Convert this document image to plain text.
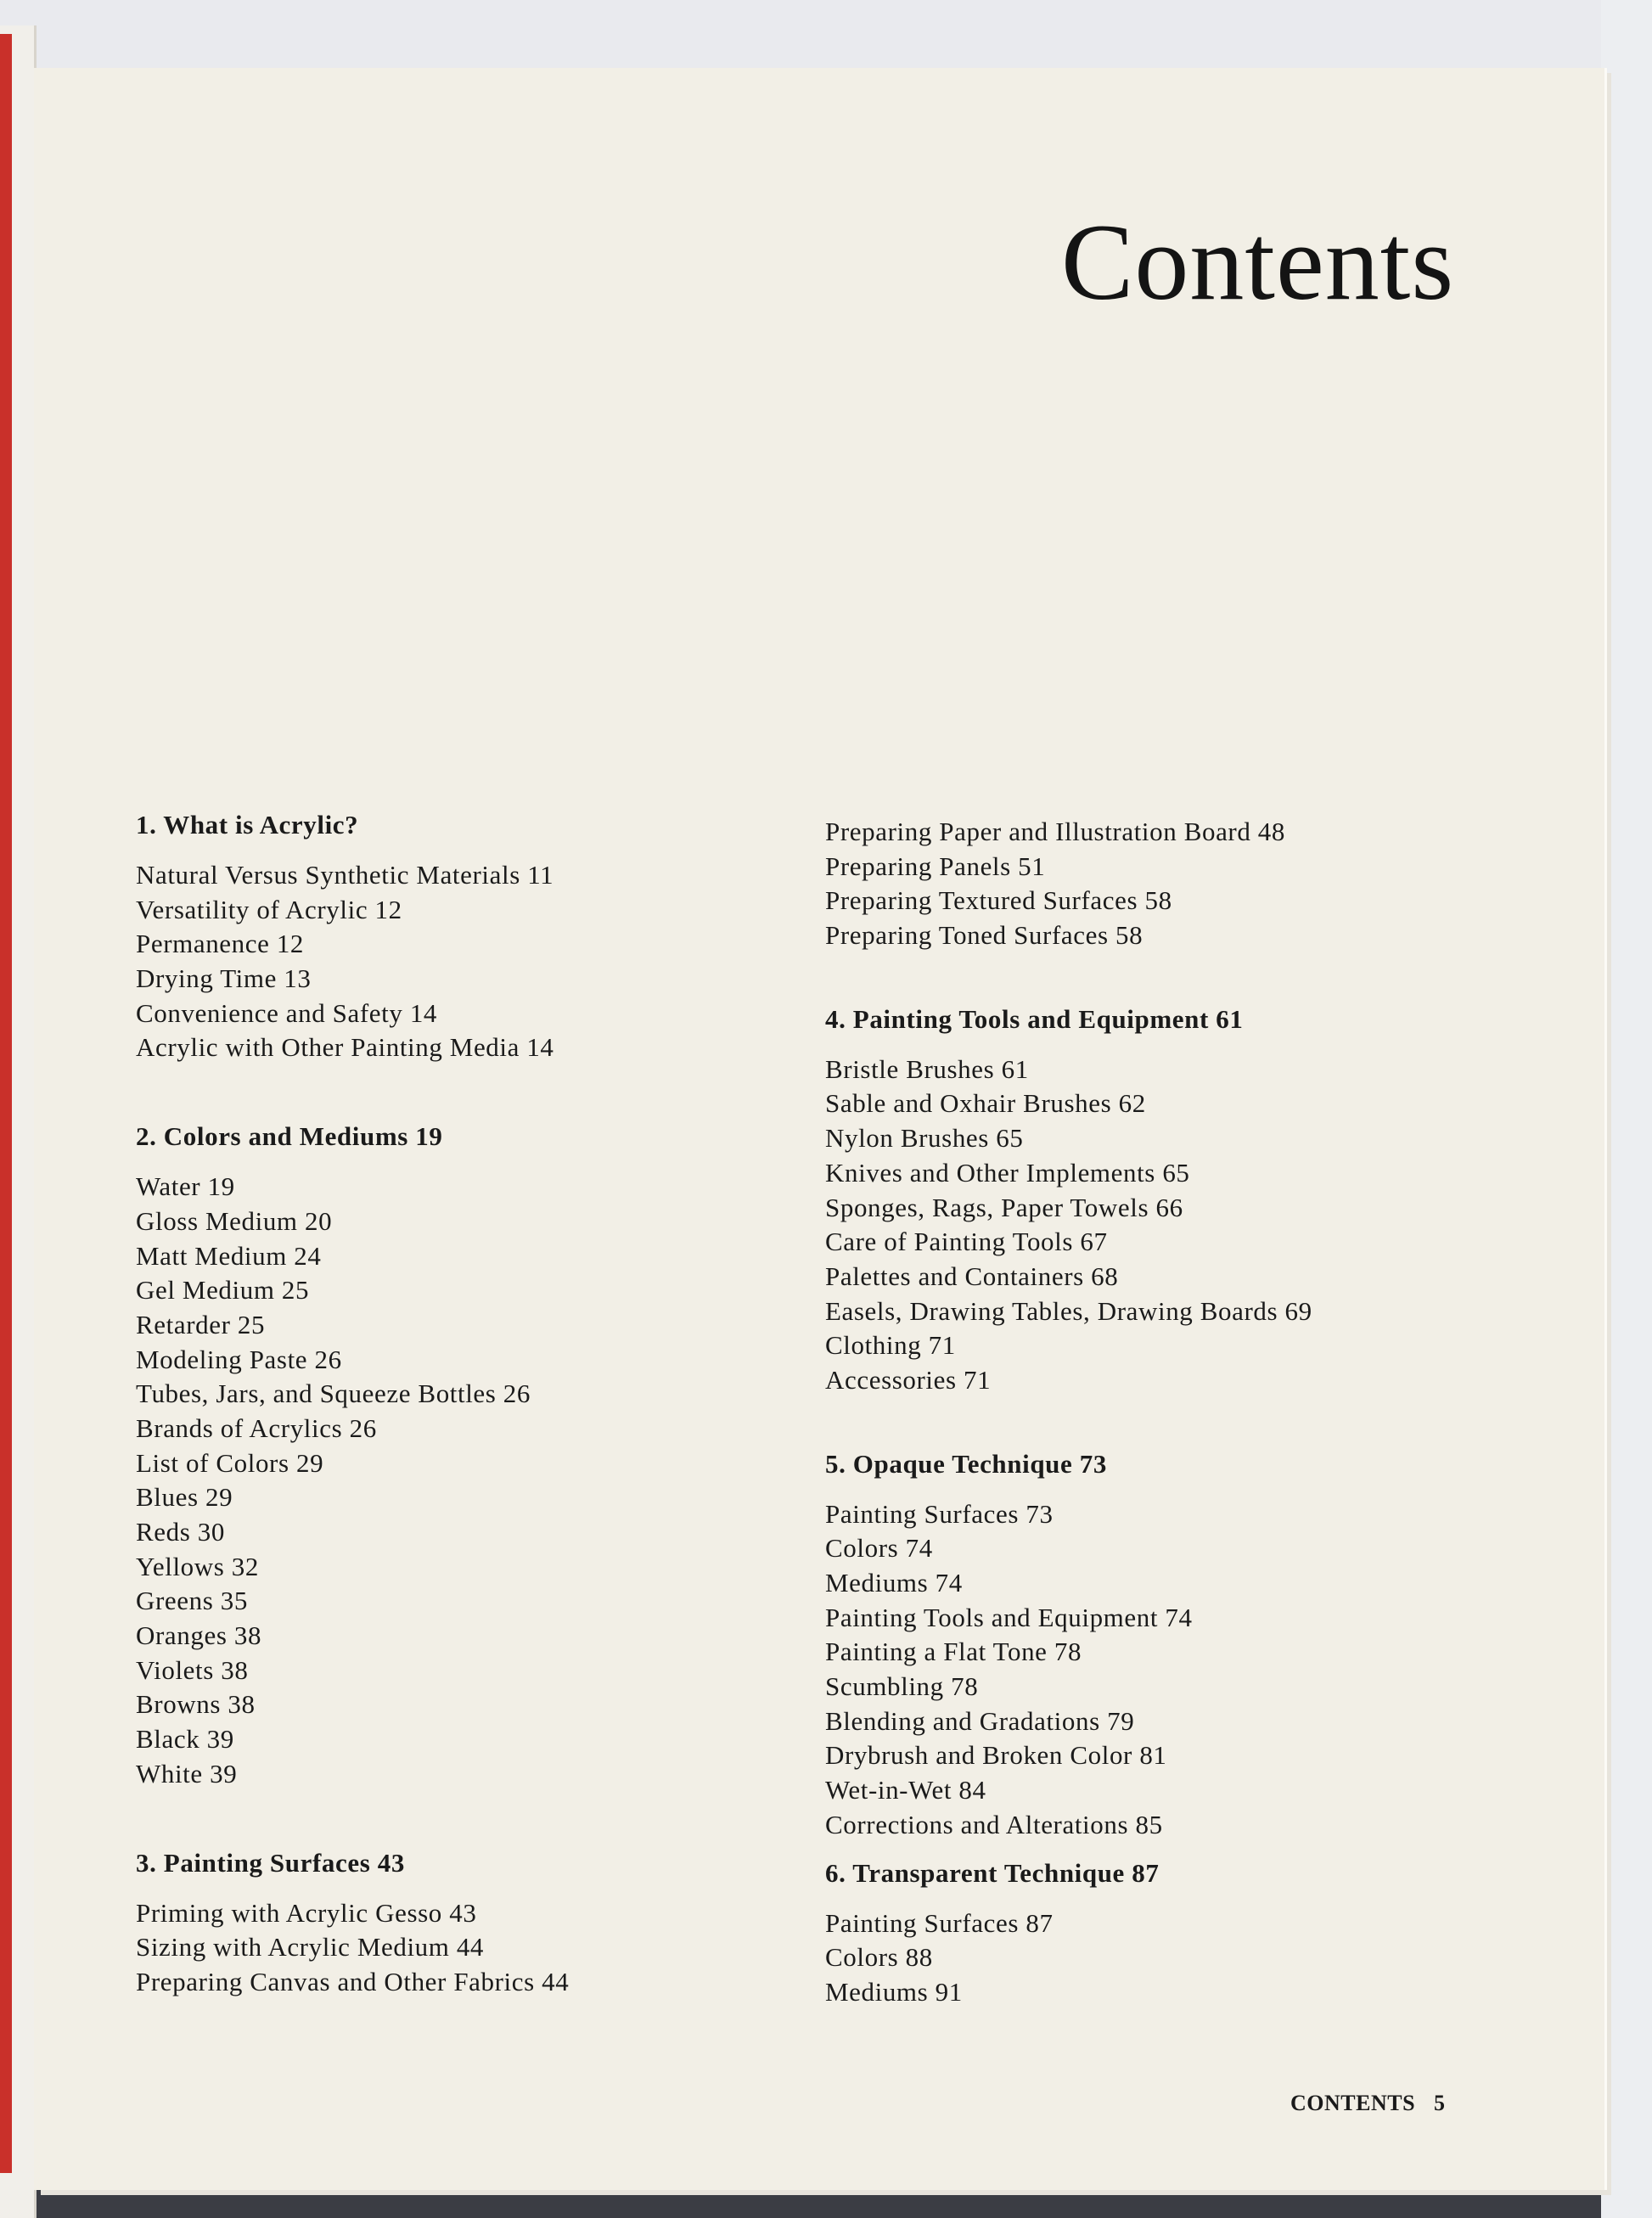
Contents
1. What is Acrylic?
Natural Versus Synthetic Materials 11
Versatility of Acrylic 12
Permanence 12
Drying Time 13
Convenience and Safety 14
Acrylic with Other Painting Media 14
2. Colors and Mediums 19
Water 19
Gloss Medium 20
Matt Medium 24
Gel Medium 25
Retarder 25
Modeling Paste 26
Tubes, Jars, and Squeeze Bottles 26
Brands of Acrylics 26
List of Colors 29
Blues 29
Reds 30
Yellows 32
Greens 35
Oranges 38
Violets 38
Browns 38
Black 39
White 39
3. Painting Surfaces 43
Priming with Acrylic Gesso 43
Sizing with Acrylic Medium 44
Preparing Canvas and Other Fabrics 44
Preparing Paper and Illustration Board 48
Preparing Panels 51
Preparing Textured Surfaces 58
Preparing Toned Surfaces 58
4. Painting Tools and Equipment 61
Bristle Brushes 61
Sable and Oxhair Brushes 62
Nylon Brushes 65
Knives and Other Implements 65
Sponges, Rags, Paper Towels 66
Care of Painting Tools 67
Palettes and Containers 68
Easels, Drawing Tables, Drawing Boards 69
Clothing 71
Accessories 71
5. Opaque Technique 73
Painting Surfaces 73
Colors 74
Mediums 74
Painting Tools and Equipment 74
Painting a Flat Tone 78
Scumbling 78
Blending and Gradations 79
Drybrush and Broken Color 81
Wet-in-Wet 84
Corrections and Alterations 85
6. Transparent Technique 87
Painting Surfaces 87
Colors 88
Mediums 91
CONTENTS 5
